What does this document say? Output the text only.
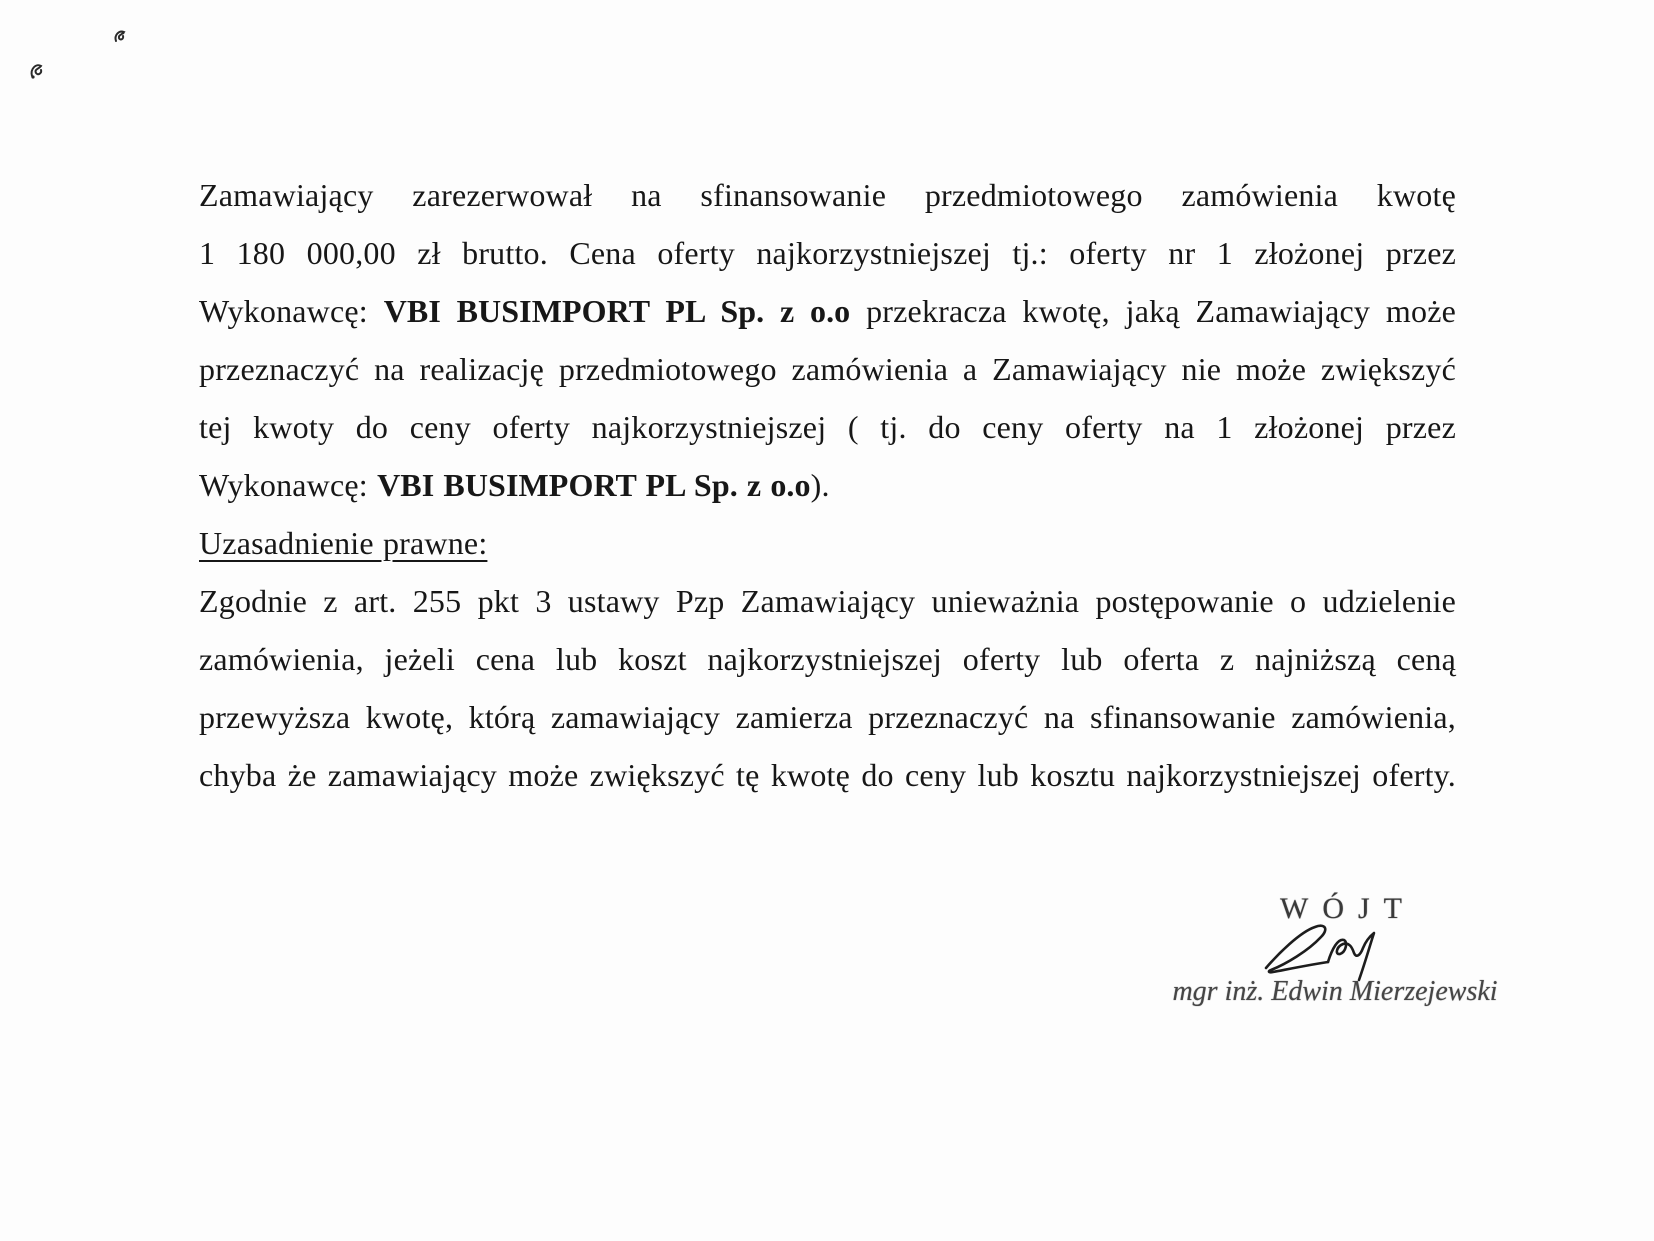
Zamawiający zarezerwował na sfinansowanie przedmiotowego zamówienia kwotę
1 180 000,00 zł brutto. Cena oferty najkorzystniejszej tj.: oferty nr 1 złożonej przez
Wykonawcę: VBI BUSIMPORT PL Sp. z o.o przekracza kwotę, jaką Zamawiający może
przeznaczyć na realizację przedmiotowego zamówienia a Zamawiający nie może zwiększyć
tej kwoty do ceny oferty najkorzystniejszej ( tj. do ceny oferty na 1 złożonej przez
Wykonawcę: VBI BUSIMPORT PL Sp. z o.o).
Uzasadnienie prawne:
Zgodnie z art. 255 pkt 3 ustawy Pzp Zamawiający unieważnia postępowanie o udzielenie
zamówienia, jeżeli cena lub koszt najkorzystniejszej oferty lub oferta z najniższą ceną
przewyższa kwotę, którą zamawiający zamierza przeznaczyć na sfinansowanie zamówienia,
chyba że zamawiający może zwiększyć tę kwotę do ceny lub kosztu najkorzystniejszej oferty.
WÓJT
mgr inż. Edwin Mierzejewski
